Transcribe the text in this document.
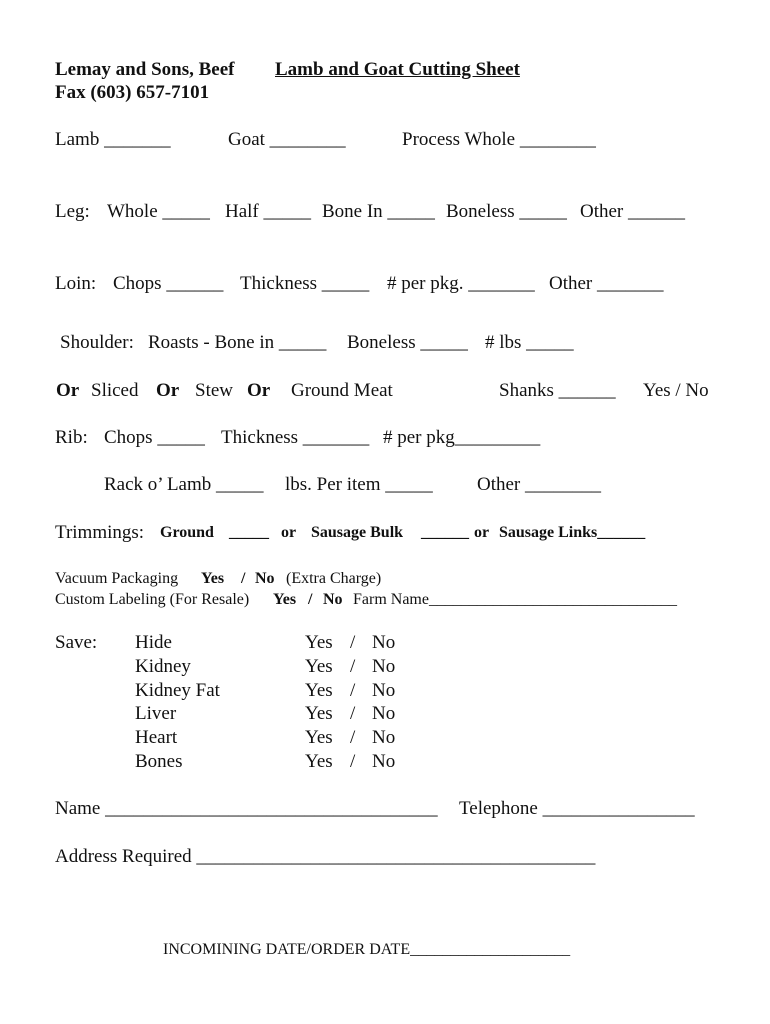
Lemay and Sons, Beef
Fax (603) 657-7101
Lamb and Goat Cutting Sheet
Lamb _______	Goat ________	Process Whole ________
Leg: Whole _____ Half _____ Bone In _____ Boneless _____ Other ______
Loin: Chops ______ Thickness _____ # per pkg. _______ Other _______
Shoulder: Roasts - Bone in _____ Boneless _____ # lbs _____
Or Sliced Or Stew Or Ground Meat	Shanks ______ Yes / No
Rib: Chops _____ Thickness _______ # per pkg_________
Rack o’ Lamb _____ lbs. Per item _____ Other ________
Trimmings: Ground _____ or Sausage Bulk ______ or Sausage Links______
Vacuum Packaging Yes / No (Extra Charge)
Custom Labeling (For Resale) Yes / No Farm Name_______________________________
Save: Hide	Yes / No
Kidney	Yes / No
Kidney Fat	Yes / No
Liver	Yes / No
Heart	Yes / No
Bones	Yes / No
Name ___________________________________ Telephone ________________
Address Required __________________________________________
INCOMINING DATE/ORDER DATE____________________
